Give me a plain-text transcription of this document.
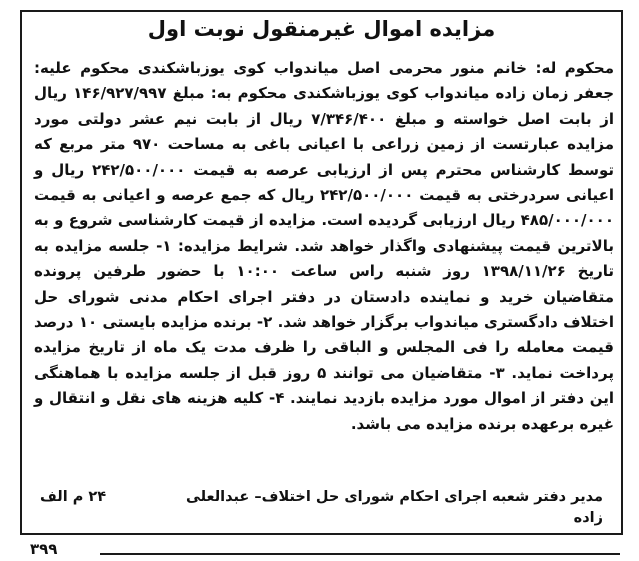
مزایده اموال غیرمنقول نوبت اول
محکوم له: خانم منور محرمی اصل میاندواب کوی یوزباشکندی محکوم علیه: جعفر زمان زاده میاندواب کوی یوزباشکندی محکوم به: مبلغ ۱۴۶/۹۲۷/۹۹۷ ریال از بابت اصل خواسته و مبلغ ۷/۳۴۶/۴۰۰ ریال از بابت نیم عشر دولتی مورد مزایده عبارتست از زمین زراعی با اعیانی باغی به مساحت ۹۷۰ متر مربع که توسط کارشناس محترم پس از ارزیابی عرصه به قیمت ۲۴۲/۵۰۰/۰۰۰ ریال و اعیانی سردرختی به قیمت ۲۴۲/۵۰۰/۰۰۰ ریال که جمع عرصه و اعیانی به قیمت ۴۸۵/۰۰۰/۰۰۰ ریال ارزیابی گردیده است. مزایده از قیمت کارشناسی شروع و به بالاترین قیمت پیشنهادی واگذار خواهد شد. شرایط مزایده: ۱- جلسه مزایده به تاریخ ۱۳۹۸/۱۱/۲۶ روز شنبه راس ساعت ۱۰:۰۰ با حضور طرفین پرونده متقاضیان خرید و نماینده دادستان در دفتر اجرای احکام مدنی شورای حل اختلاف دادگستری میاندواب برگزار خواهد شد. ۲- برنده مزایده بایستی ۱۰ درصد قیمت معامله را فی المجلس و الباقی را ظرف مدت یک ماه از تاریخ مزایده پرداخت نماید. ۳- متقاضیان می توانند ۵ روز قبل از جلسه مزایده با هماهنگی این دفتر از اموال مورد مزایده بازدید نمایند. ۴- کلیه هزینه های نقل و انتقال و غیره برعهده برنده مزایده می باشد.
مدیر دفتر شعبه اجرای احکام شورای حل اختلاف– عبدالعلی زاده
۲۴ م الف
۳۹۹
